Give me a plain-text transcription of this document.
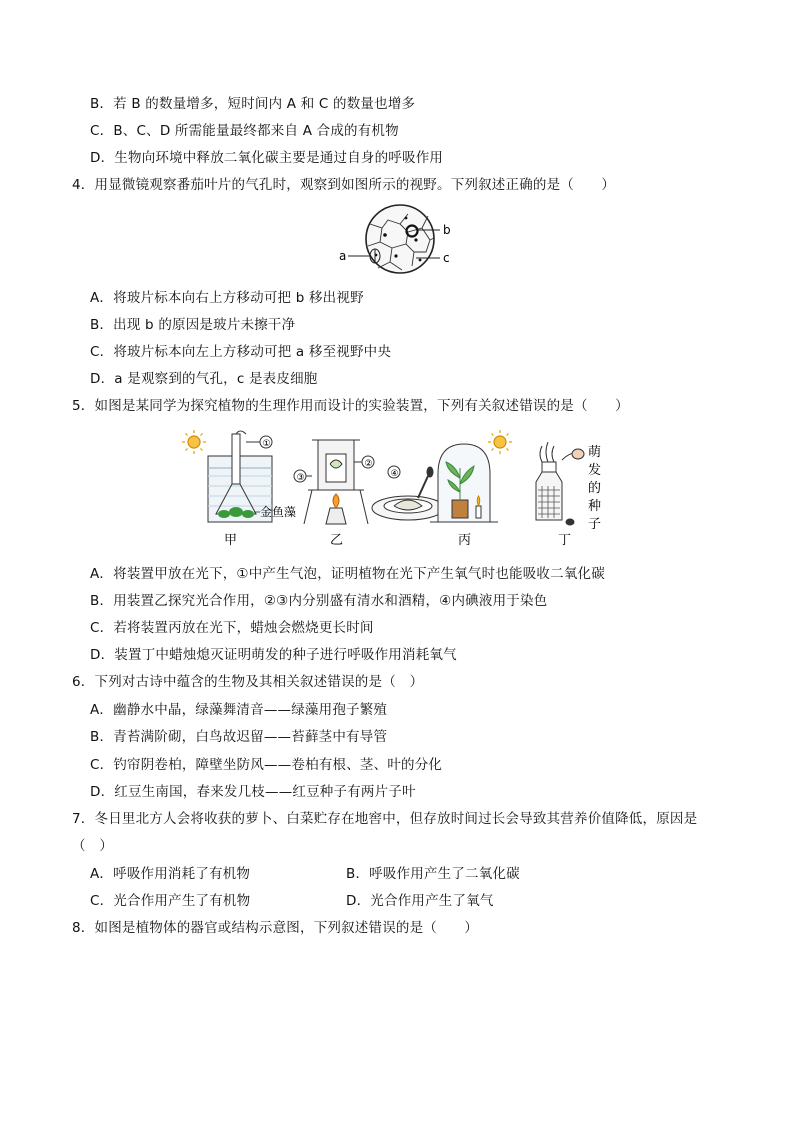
B．若 B 的数量增多，短时间内 A 和 C 的数量也增多
C．B、C、D 所需能量最终都来自 A 合成的有机物
D．生物向环境中释放二氧化碳主要是通过自身的呼吸作用
4．用显微镜观察番茄叶片的气孔时，观察到如图所示的视野。下列叙述正确的是（　　）
a
b
c
A．将玻片标本向右上方移动可把 b 移出视野
B．出现 b 的原因是玻片未擦干净
C．将玻片标本向左上方移动可把 a 移至视野中央
D．a 是观察到的气孔，c 是表皮细胞
5．如图是某同学为探究植物的生理作用而设计的实验装置，下列有关叙述错误的是（　　）
①
金鱼藻
甲
②
③
乙
④
丙	丁
萌
发
的
种
子
A．将装置甲放在光下，①中产生气泡，证明植物在光下产生氧气时也能吸收二氧化碳
B．用装置乙探究光合作用，②③内分别盛有清水和酒精，④内碘液用于染色
C．若将装置丙放在光下，蜡烛会燃烧更长时间
D．装置丁中蜡烛熄灭证明萌发的种子进行呼吸作用消耗氧气
6．下列对古诗中蕴含的生物及其相关叙述错误的是（　）
A．幽静水中晶，绿藻舞清音——绿藻用孢子繁殖
B．青苔满阶砌，白鸟故迟留——苔藓茎中有导管
C．钓帘阴卷柏，障壁坐防风——卷柏有根、茎、叶的分化
D．红豆生南国，春来发几枝——红豆种子有两片子叶
7．冬日里北方人会将收获的萝卜、白菜贮存在地窖中，但存放时间过长会导致其营养价值降低，原因是
（　）
A．呼吸作用消耗了有机物	B．呼吸作用产生了二氧化碳
C．光合作用产生了有机物	D．光合作用产生了氧气
8．如图是植物体的器官或结构示意图，下列叙述错误的是（　　）
